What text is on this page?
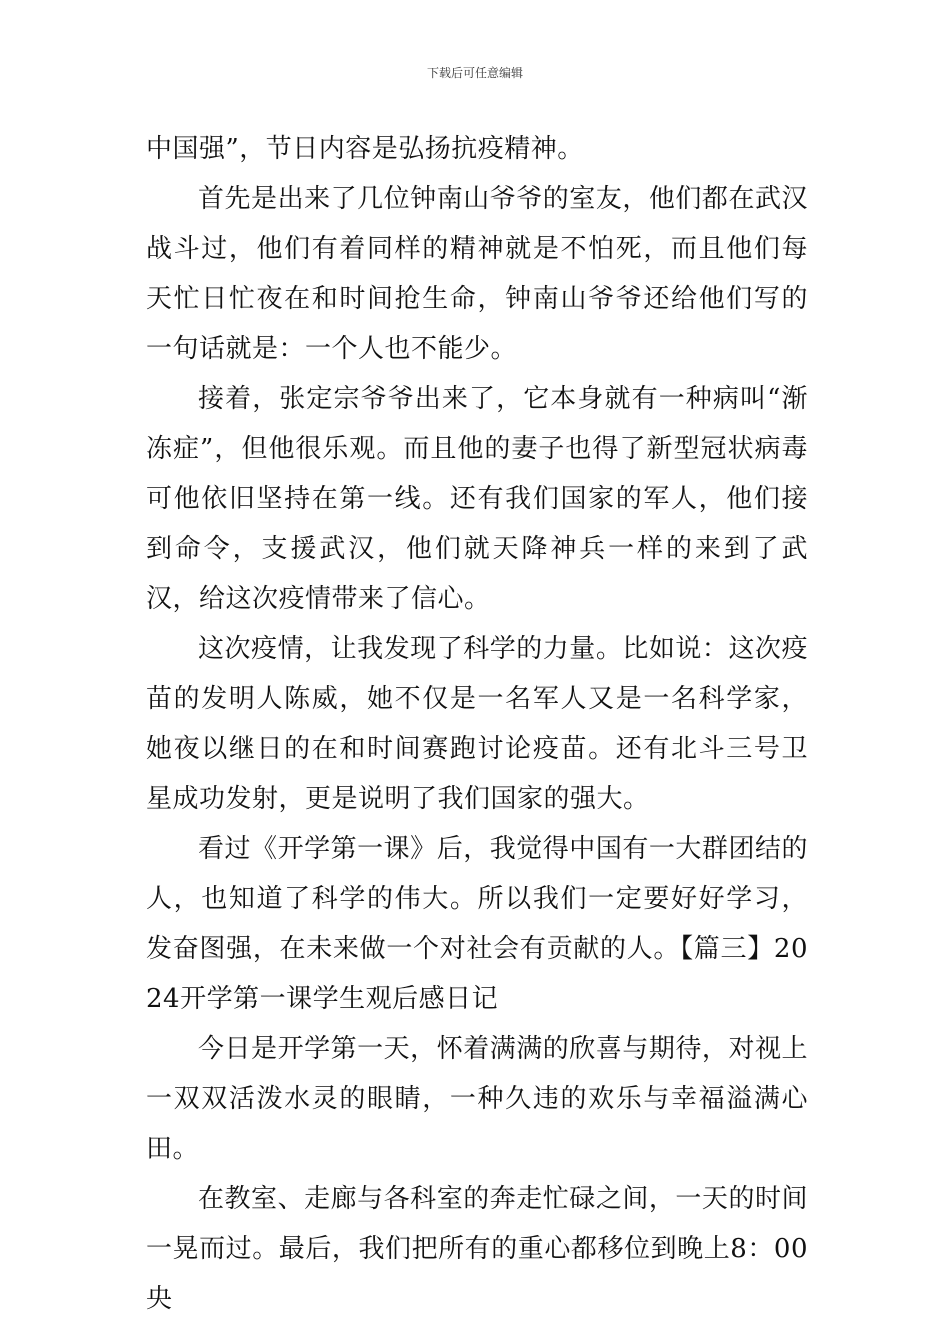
下载后可任意编辑

中国强”，节日内容是弘扬抗疫精神。

首先是出来了几位钟南山爷爷的室友，他们都在武汉战斗过，他们有着同样的精神就是不怕死，而且他们每天忙日忙夜在和时间抢生命，钟南山爷爷还给他们写的一句话就是：一个人也不能少。

接着，张定宗爷爷出来了，它本身就有一种病叫“渐冻症”，但他很乐观。而且他的妻子也得了新型冠状病毒可他依旧坚持在第一线。还有我们国家的军人，他们接到命令，支援武汉，他们就天降神兵一样的来到了武汉，给这次疫情带来了信心。

这次疫情，让我发现了科学的力量。比如说：这次疫苗的发明人陈威，她不仅是一名军人又是一名科学家，她夜以继日的在和时间赛跑讨论疫苗。还有北斗三号卫星成功发射，更是说明了我们国家的强大。

看过《开学第一课》后，我觉得中国有一大群团结的人，也知道了科学的伟大。所以我们一定要好好学习，发奋图强，在未来做一个对社会有贡献的人。【篇三】2024开学第一课学生观后感日记

今日是开学第一天，怀着满满的欣喜与期待，对视上一双双活泼水灵的眼睛，一种久违的欢乐与幸福溢满心田。

在教室、走廊与各科室的奔走忙碌之间，一天的时间一晃而过。最后，我们把所有的重心都移位到晚上8：00央
